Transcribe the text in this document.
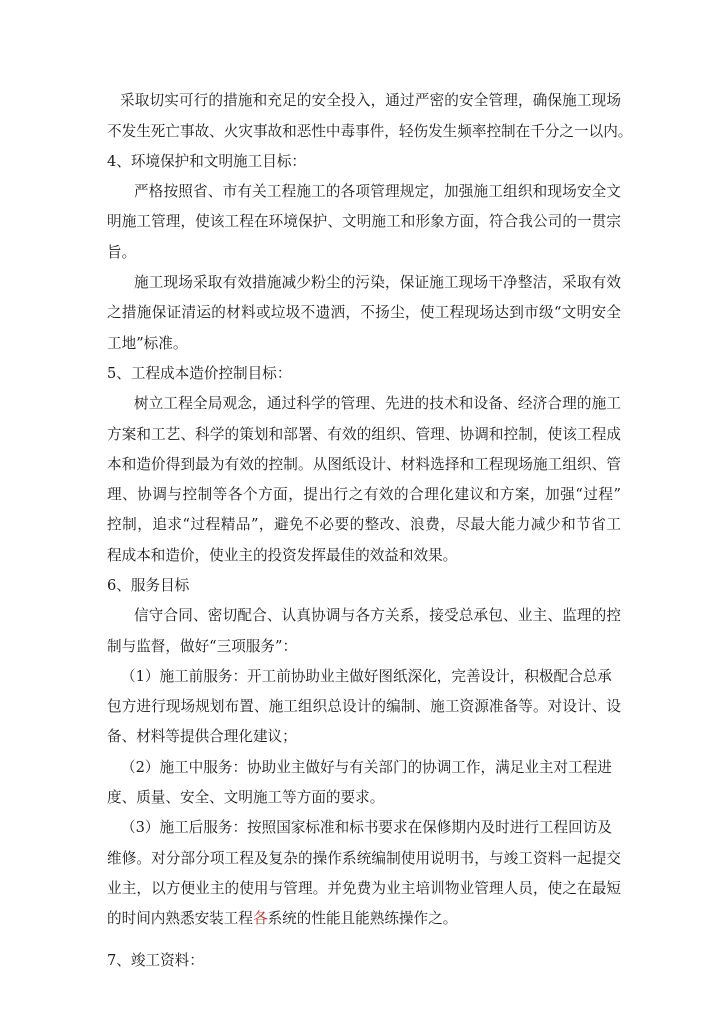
采取切实可行的措施和充足的安全投入，通过严密的安全管理，确保施工现场
不发生死亡事故、火灾事故和恶性中毒事件，轻伤发生频率控制在千分之一以内。
4、环境保护和文明施工目标：
严格按照省、市有关工程施工的各项管理规定，加强施工组织和现场安全文
明施工管理，使该工程在环境保护、文明施工和形象方面，符合我公司的一贯宗
旨。
施工现场采取有效措施减少粉尘的污染，保证施工现场干净整洁，采取有效
之措施保证清运的材料或垃圾不遗洒，不扬尘，使工程现场达到市级“文明安全
工地”标准。
5、工程成本造价控制目标：
树立工程全局观念，通过科学的管理、先进的技术和设备、经济合理的施工
方案和工艺、科学的策划和部署、有效的组织、管理、协调和控制，使该工程成
本和造价得到最为有效的控制。从图纸设计、材料选择和工程现场施工组织、管
理、协调与控制等各个方面，提出行之有效的合理化建议和方案，加强“过程”
控制，追求“过程精品”，避免不必要的整改、浪费，尽最大能力减少和节省工
程成本和造价，使业主的投资发挥最佳的效益和效果。
6、服务目标
信守合同、密切配合、认真协调与各方关系，接受总承包、业主、监理的控
制与监督，做好“三项服务”：
（1）施工前服务：开工前协助业主做好图纸深化，完善设计，积极配合总承
包方进行现场规划布置、施工组织总设计的编制、施工资源准备等。对设计、设
备、材料等提供合理化建议；
（2）施工中服务：协助业主做好与有关部门的协调工作，满足业主对工程进
度、质量、安全、文明施工等方面的要求。
（3）施工后服务：按照国家标准和标书要求在保修期内及时进行工程回访及
维修。对分部分项工程及复杂的操作系统编制使用说明书，与竣工资料一起提交
业主，以方便业主的使用与管理。并免费为业主培训物业管理人员，使之在最短
的时间内熟悉安装工程各系统的性能且能熟练操作之。
7、竣工资料：
